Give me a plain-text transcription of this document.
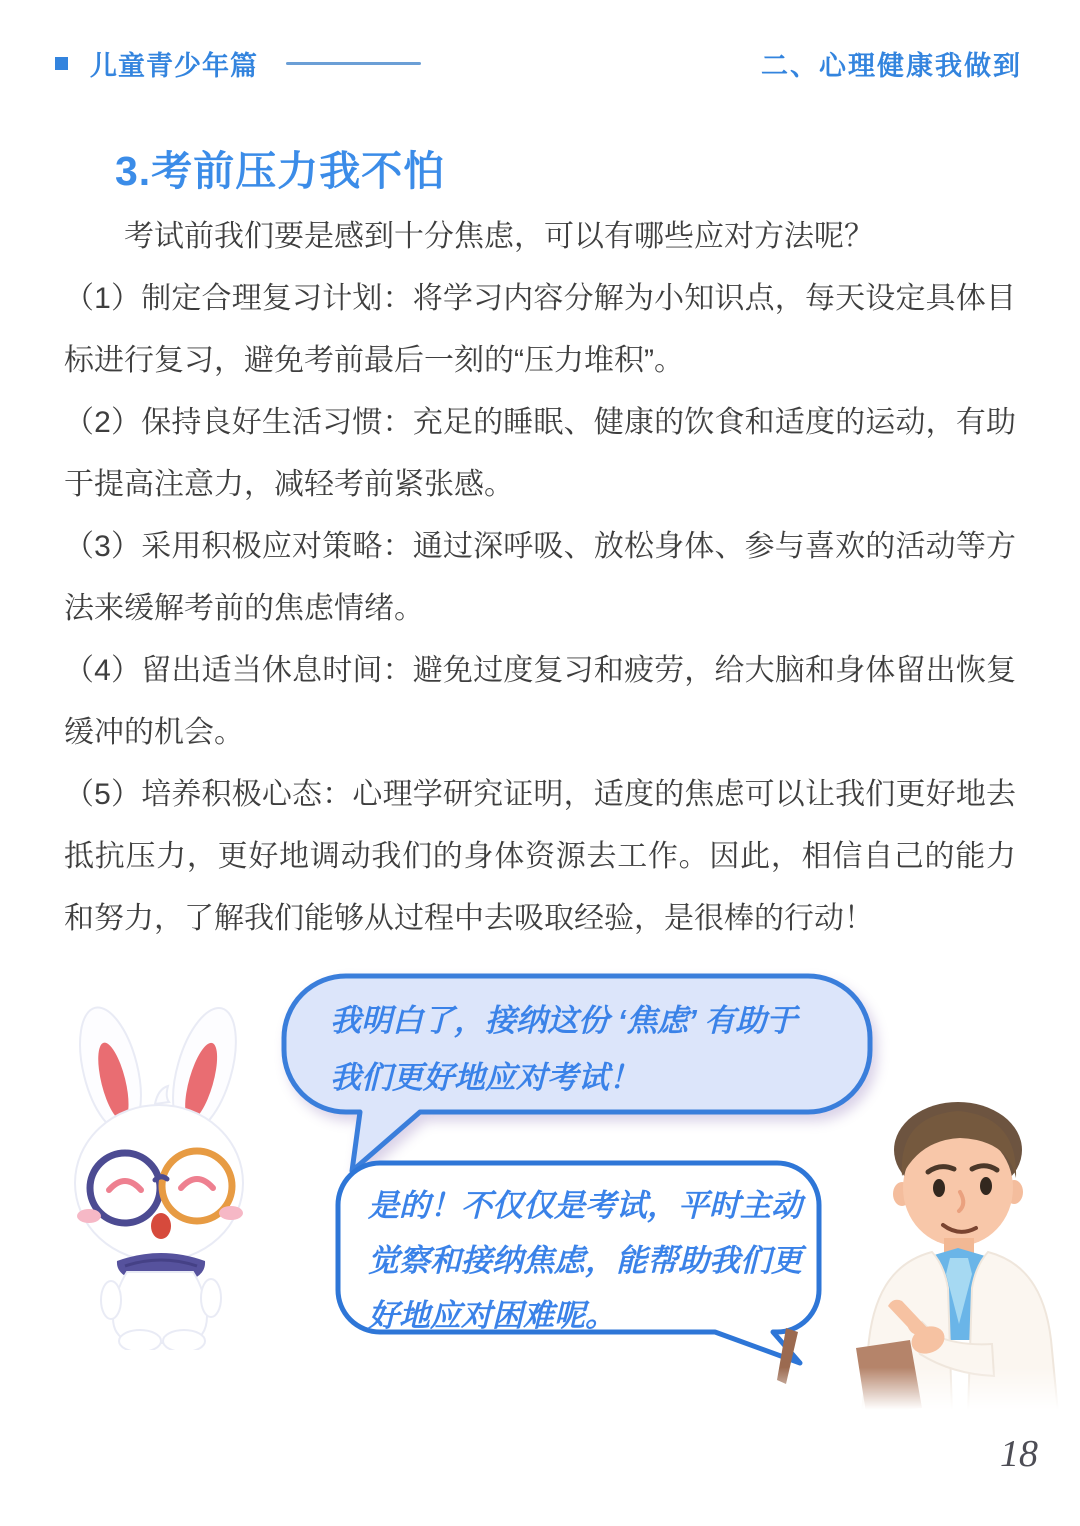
儿童青少年篇	二、心理健康我做到
3.考前压力我不怕

考试前我们要是感到十分焦虑，可以有哪些应对方法呢？

（1）制定合理复习计划：将学习内容分解为小知识点，每天设定具体目标进行复习，避免考前最后一刻的“压力堆积”。

（2）保持良好生活习惯：充足的睡眠、健康的饮食和适度的运动，有助于提高注意力，减轻考前紧张感。

（3）采用积极应对策略：通过深呼吸、放松身体、参与喜欢的活动等方法来缓解考前的焦虑情绪。

（4）留出适当休息时间：避免过度复习和疲劳，给大脑和身体留出恢复缓冲的机会。

（5）培养积极心态：心理学研究证明，适度的焦虑可以让我们更好地去抵抗压力，更好地调动我们的身体资源去工作。因此，相信自己的能力和努力，了解我们能够从过程中去吸取经验，是很棒的行动！

我明白了，接纳这份 ‘焦虑’ 有助于
我们更好地应对考试！
是的！不仅仅是考试，平时主动
觉察和接纳焦虑，能帮助我们更
好地应对困难呢。
18
